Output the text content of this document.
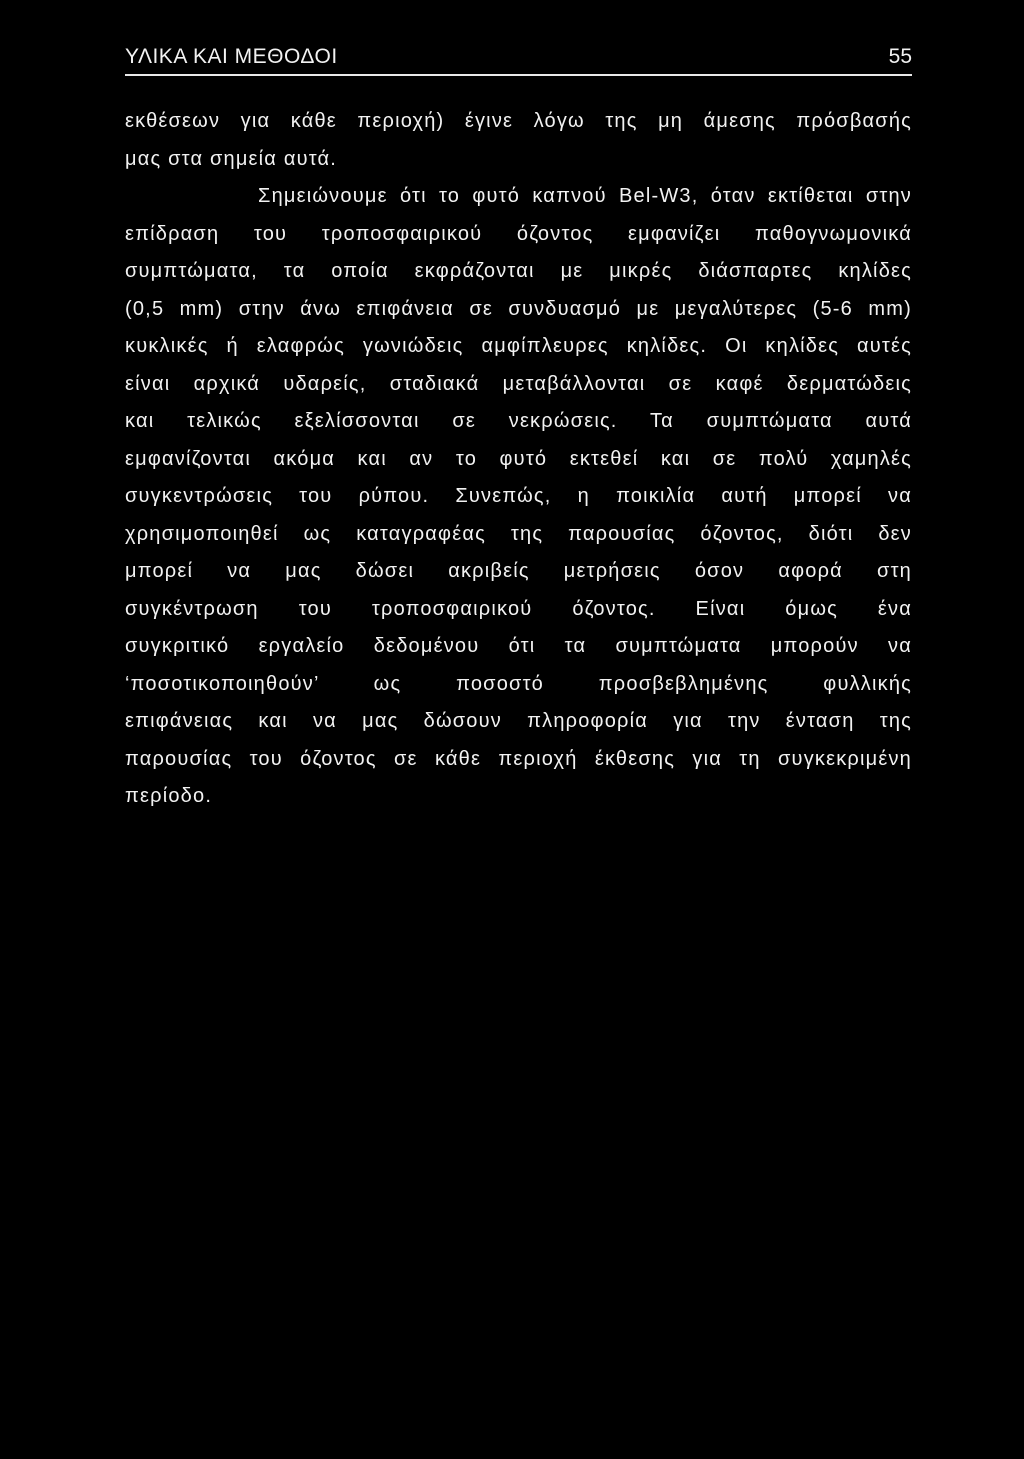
ΥΛΙΚΑ ΚΑΙ ΜΕΘΟΔΟΙ	55
εκθέσεων για κάθε περιοχή) έγινε λόγω της μη άμεσης πρόσβασής
μας στα σημεία αυτά.
Σημειώνουμε ότι το φυτό καπνού Bel-W3, όταν εκτίθεται στην
επίδραση του τροποσφαιρικού όζοντος εμφανίζει παθογνωμονικά
συμπτώματα, τα οποία εκφράζονται με μικρές διάσπαρτες κηλίδες
(0,5 mm) στην άνω επιφάνεια σε συνδυασμό με μεγαλύτερες (5-6 mm)
κυκλικές ή ελαφρώς γωνιώδεις αμφίπλευρες κηλίδες. Οι κηλίδες αυτές
είναι αρχικά υδαρείς, σταδιακά μεταβάλλονται σε καφέ δερματώδεις
και τελικώς εξελίσσονται σε νεκρώσεις. Τα συμπτώματα αυτά
εμφανίζονται ακόμα και αν το φυτό εκτεθεί και σε πολύ χαμηλές
συγκεντρώσεις του ρύπου. Συνεπώς, η ποικιλία αυτή μπορεί να
χρησιμοποιηθεί ως καταγραφέας της παρουσίας όζοντος, διότι δεν
μπορεί να μας δώσει ακριβείς μετρήσεις όσον αφορά στη
συγκέντρωση του τροποσφαιρικού όζοντος. Είναι όμως ένα
συγκριτικό εργαλείο δεδομένου ότι τα συμπτώματα μπορούν να
‘ποσοτικοποιηθούν’ ως ποσοστό προσβεβλημένης φυλλικής
επιφάνειας και να μας δώσουν πληροφορία για την ένταση της
παρουσίας του όζοντος σε κάθε περιοχή έκθεσης για τη συγκεκριμένη
περίοδο.
